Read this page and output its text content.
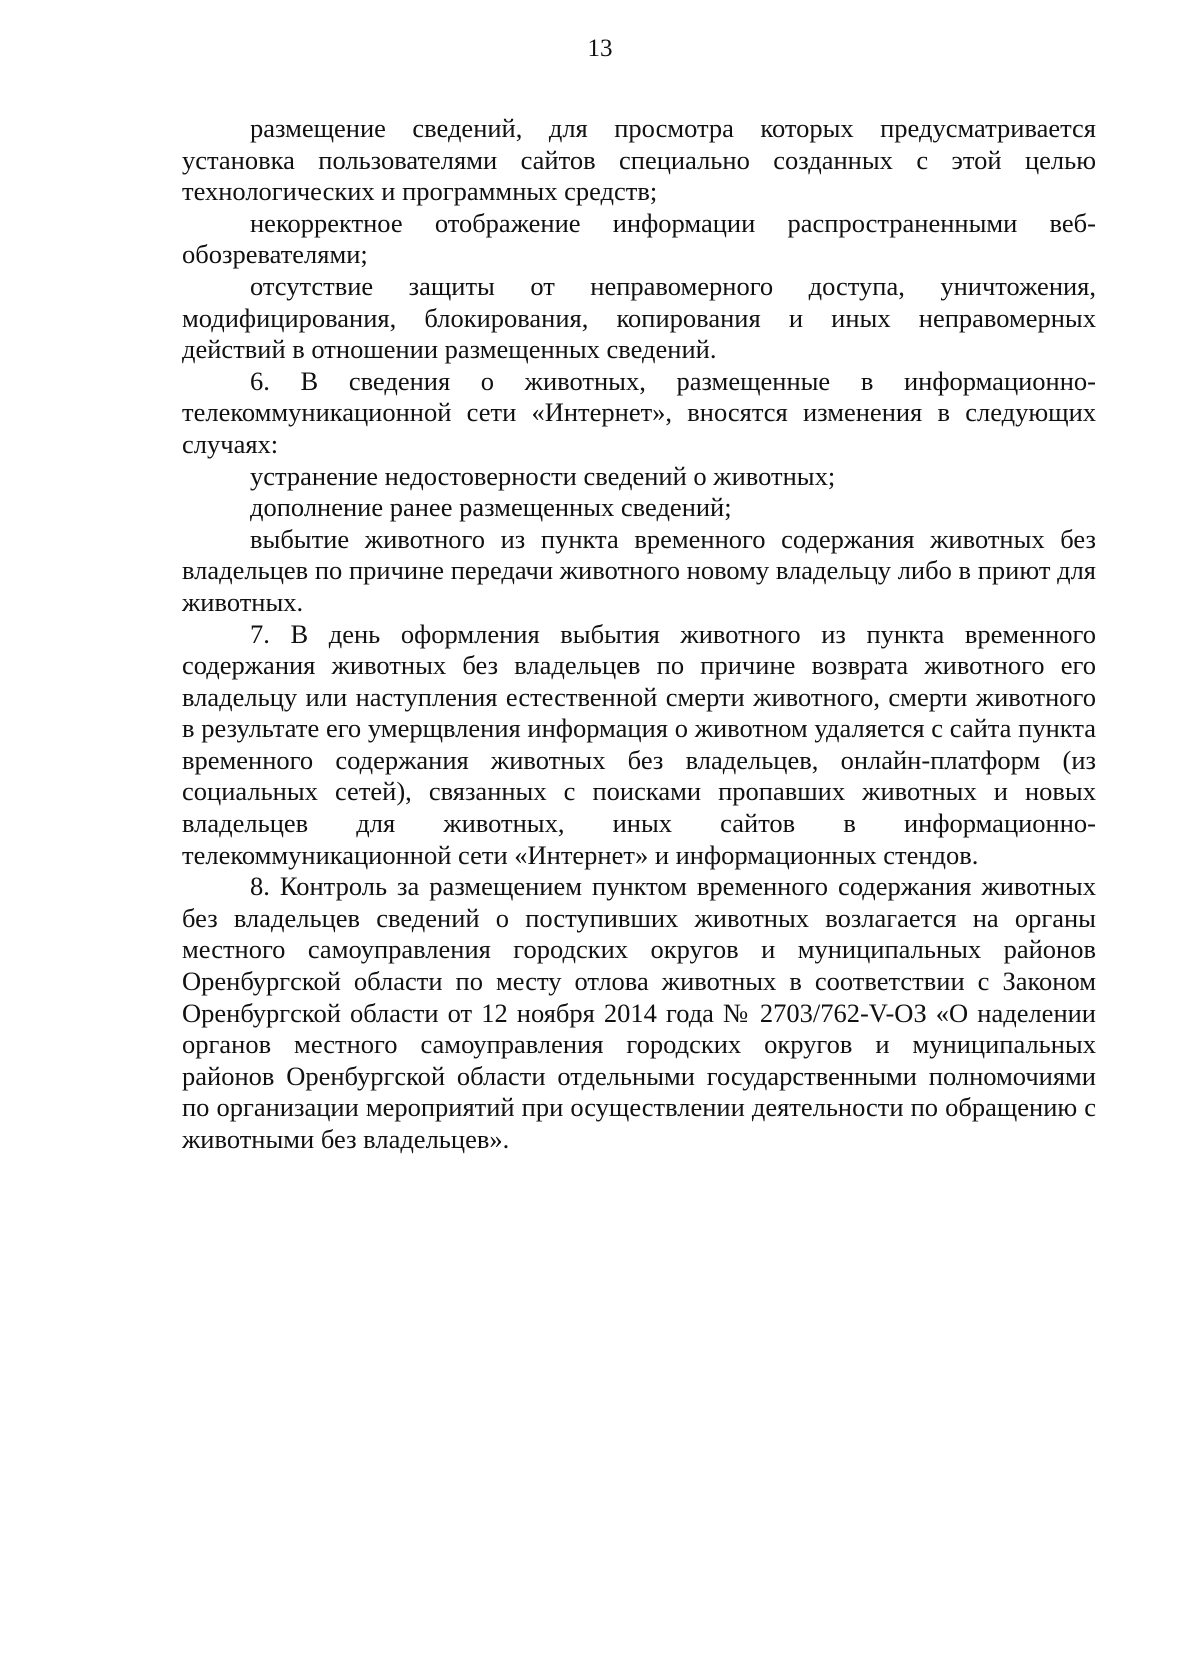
13

размещение сведений, для просмотра которых предусматривается установка пользователями сайтов специально созданных с этой целью технологических и программных средств;

некорректное отображение информации распространенными веб-обозревателями;

отсутствие защиты от неправомерного доступа, уничтожения, модифицирования, блокирования, копирования и иных неправомерных действий в отношении размещенных сведений.

6. В сведения о животных, размещенные в информационно-телекоммуникационной сети «Интернет», вносятся изменения в следующих случаях:

устранение недостоверности сведений о животных;

дополнение ранее размещенных сведений;

выбытие животного из пункта временного содержания животных без владельцев по причине передачи животного новому владельцу либо в приют для животных.

7. В день оформления выбытия животного из пункта временного содержания животных без владельцев по причине возврата животного его владельцу или наступления естественной смерти животного, смерти животного в результате его умерщвления информация о животном удаляется с сайта пункта временного содержания животных без владельцев, онлайн-платформ (из социальных сетей), связанных с поисками пропавших животных и новых владельцев для животных, иных сайтов в информационно-телекоммуникационной сети «Интернет» и информационных стендов.

8. Контроль за размещением пунктом временного содержания животных без владельцев сведений о поступивших животных возлагается на органы местного самоуправления городских округов и муниципальных районов Оренбургской области по месту отлова животных в соответствии с Законом Оренбургской области от 12 ноября 2014 года № 2703/762-V-ОЗ «О наделении органов местного самоуправления городских округов и муниципальных районов Оренбургской области отдельными государственными полномочиями по организации мероприятий при осуществлении деятельности по обращению с животными без владельцев».
